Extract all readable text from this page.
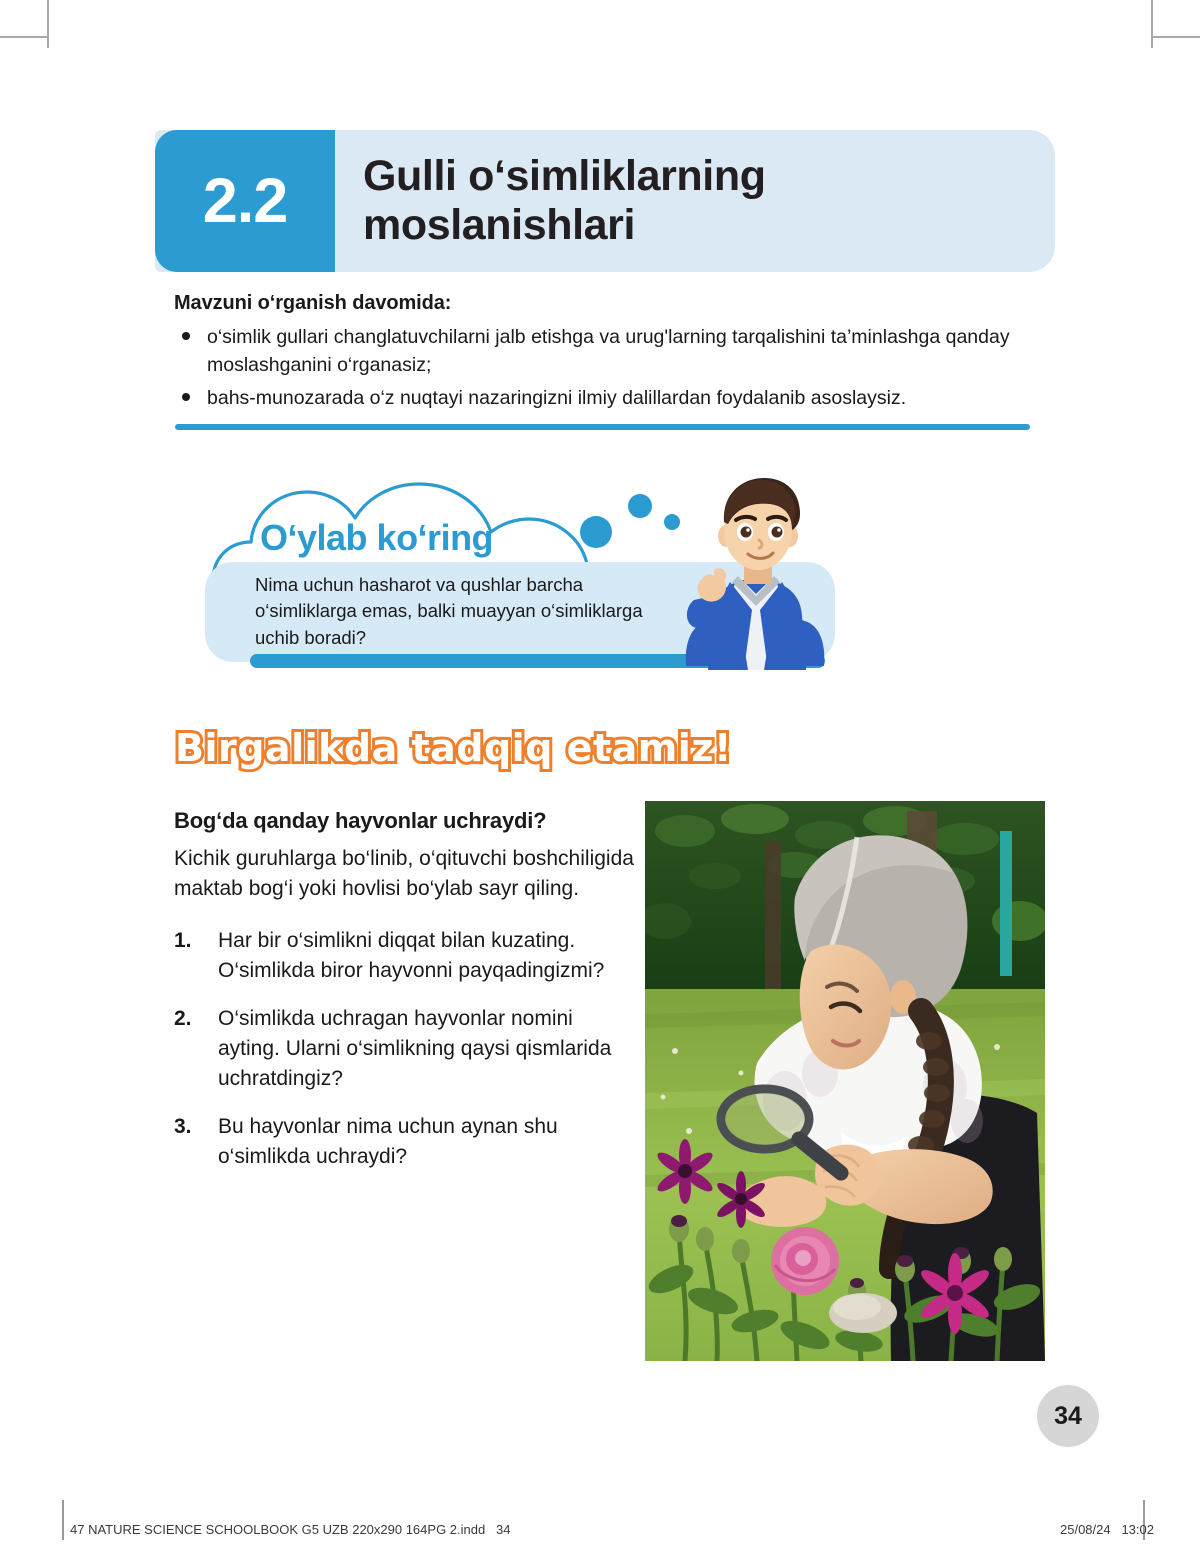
2.2	Gulli o‘simliklarning moslanishlari
Mavzuni o‘rganish davomida:
o‘simlik gullari changlatuvchilarni jalb etishga va urug'larning tarqalishini ta’minlashga qanday moslashganini o‘rganasiz;
bahs-munozarada o‘z nuqtayi nazaringizni ilmiy dalillardan foydalanib asoslaysiz.
O‘ylab ko‘ring
Nima uchun hasharot va qushlar barcha o‘simliklarga emas, balki muayyan o‘simliklarga uchib boradi?
Birgalikda tadqiq etamiz!
Bog‘da qanday hayvonlar uchraydi?
Kichik guruhlarga bo‘linib, o‘qituvchi boshchiligida maktab bog‘i yoki hovlisi bo‘ylab sayr qiling.
1. Har bir o‘simlikni diqqat bilan kuzating. O‘simlikda biror hayvonni payqadingizmi?
2. O‘simlikda uchragan hayvonlar nomini ayting. Ularni o‘simlikning qaysi qismlarida uchratdingiz?
3. Bu hayvonlar nima uchun aynan shu o‘simlikda uchraydi?
34
47 NATURE SCIENCE SCHOOLBOOK G5 UZB 220x290 164PG 2.indd   34	25/08/24   13:02
